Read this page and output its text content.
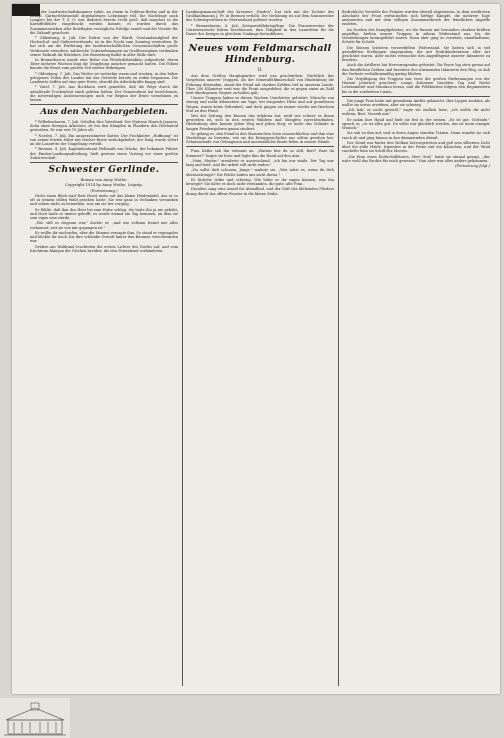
Kelle der Landwirtschaftskammer ruhte, an einem in Dohlens-Bettin und in der Königl. Gärtnerlehranstalt abgehaltenen Lehrgänge teil. Die Nachfrage nach Lungers bei der T. Z. G. war dadurch bereits recht groß, daß manches in die Kartoffelfelder eingebracht werden konnte; es wurden durch das Zusammenwirken aller Beteiligten vorzügliche Erfolge erzielt und die Vorräte für die Zukunft gesichert.

* Oldenburg, 6. Juli. Der Hofrat von der Wardt, Vorstandsmitglied der Hochschul- und Südwestverbands, ist in der Nacht zum Sonntag verstorben. Er hat sich um die Förderung der landwirtschaftlichen Genossenschaften große Verdienste erworben; zahlreiche Unternehmungen im Großherzogtum verdanken seiner Tatkraft ihr Bestehen. Die Beisetzung findet in aller Stille statt.

In Bremerhaven wurde eine Reihe von Pferdediebstählen aufgedeckt, deren Täter mehrere Wochen lang die Umgebung unsicher gemacht hatten. Die Polizei konnte die Beute zum großen Teil wieder beibringen.

* Oldenburg, 7. Juli. Das Wetter ist weiterhin warm und trocken; in den höher gelegenen Teilen des Landes hat das Getreide bereits zu reifen begonnen. Die Landwirte hoffen auf eine gute Ernte, obwohl die Arbeitskräfte knapp sind.

* Varel, 7. Juli. Aus Bockhorn wird gemeldet, daß die Wege durch die anhaltende Trockenheit stark gelitten haben. Der Gemeinderat hat beschlossen, die notwendigen Ausbesserungen noch vor Beginn der Ernte vornehmen zu lassen.

Aus den Nachbargebieten.

* Wilhelmshaven, 7. Juli. Gefallen fürs Vaterland. Der Matrose Hinrich Janssen, Sohn eines hiesigen Arbeiters, ist bei den Kämpfen in Flandern den Heldentod gestorben. Er war erst 19 Jahre alt.

* Norden, 7. Juli. Ein ausgezeichneter Kutter. Der Fischkutter „Hoffnung" ist von seiner letzten Fahrt mit reicher Beute zurückgekehrt; der Fang wurde sofort an die Lazarette der Umgebung verteilt.

* Bremen, 8. Juli. Kapitänleutnant Hellmuth von Mücke, der bekannte Führer der Emden-Landungsabteilung, hielt gestern einen Vortrag vor einer großen Zuhörerschaft.

Schwester Gerlinde.
Roman von Anny Wothe.
Copyright 1914 by Anny Wothe, Leipzig.
(Fortsetzung.)

Nicht einen Blick warf Bert Horst mehr auf das kleine Heidemädel, das er so oft in seinem stillen Wald gesehen hatte. Sie war ganz in Gedanken versunken und schien nicht zu bemerken, was um sie her vorging.

Er fühlte, daß ihm das Herz bis zum Halse schlug. Sie hatte ihn ja nie geliebt, und doch hatte er immer gehofft, es werde einmal ein Tag kommen, an dem sie sein eigen sein würde.

„Wie still es ringsum war," dachte er, „und wie seltsam fremd mir alles vorkommt, seit sie von mir gegangen ist."

Er wollte ihr nachrufen, aber die Stimme versagte ihm. So stand er regungslos und blickte ihr nach, bis ihre schlanke Gestalt hinter den Bäumen verschwunden war.

Drüben am Waldrand leuchteten die ersten Lichter des Dorfes auf, und vom Kirchturm klangen die Glocken herüber, die den Feierabend verkündeten.

Landungsmannschaft des Kreuzers „Emden", hat sich mit der Tochter des Großkaufmanns J. Fr. in Bremen verlobt. Die Verlobung ist auf dem Sommersitze der Schwiegereltern in Oberneuland gefeiert worden.

* Bremerhaven, 8. Juli. Kriegswohlfahrtspflege. Die Frauenvereine der Unterweserorte haben beschlossen, ihre Tätigkeit in den Lazaretten für die Dauer des Krieges in gleichem Umfange fortzuführen.

Neues vom Feldmarschall Hindenburg.
II.

Aus dem Großen Hauptquartier wird uns geschrieben: Nächtlich des Vorgehens unserer Truppen, als der Generalfeldmarschall von Hindenburg die Führung übernahm, stand der Feind mit starken Kräften tief in unserem Lande. Über 200 Kilometer weit war die Front ausgedehnt, die es gegen einen an Zahl weit überlegenen Gegner zu halten galt.

Unsere Truppen haben in diesen Wochen Unerhörtes geleistet. Märsche von vierzig und mehr Kilometern am Tage, bei sengender Hitze und auf grundlosen Wegen, waren keine Seltenheit, und doch gingen sie immer wieder mit frischem Mut an den Feind.

Wer der Zeitung den Russen das erfahren hat, weiß wie schwer es ihnen geworden ist, sich in den weiten Wäldern und Sümpfen zurechtzufinden. Hindenburg aber kannte jeden Weg und jeden Steg; er hatte das Gelände in langen Friedensjahren genau studiert.

So gelang es, den Feind in den Masurischen Seen einzuschließen und ihm eine Niederlage zu bereiten, wie sie die Kriegsgeschichte nur selten gesehen hat. Zehntausende von Gefangenen und unermeßliche Beute fielen in unsere Hände.

Frau Käthe sah ihn erstaunt an. „Warum bist du so still, Bert? Hast du Kummer?" fragte sie leise und legte ihm die Hand auf den Arm.

„Nein, Mutter," erwiderte er ausweichend, „ich bin nur müde. Der Tag war lang und heiß, und die Arbeit will nicht enden."

„Du sollst dich schonen, Junge," mahnte sie. „Was nützt es, wenn du dich überanstrengst? Die Felder laufen uns nicht davon."

Er lächelte trübe und schwieg. Wie hätte er ihr sagen können, was ihn bewegte? Sie hätte es doch nicht verstanden, die gute, alte Frau.

Draußen sang eine Amsel ihr Abendlied, und der Duft des blühenden Flieders drang durch das offene Fenster in die kleine Stube.

Bedrohliche Vorstöße des Feindes wurden überall abgewiesen. In dem westlichen Abschnitt der Front entwickelten sich heftige Kämpfe, die mehrere Tage andauerten und mit dem völligen Zusammenbruch der feindlichen Angriffe endeten.

Im Norden des Kampfgebietes, wo die Russen mit besonders starken Kräften angriffen, hielten unsere Truppen in zähem Widerstand aus, bis die Verstärkungen herangeführt waren. Dann aber ging es vorwärts, unaufhaltsam, Schritt für Schritt.

Die Russen leisteten verzweifelten Widerstand. Sie hatten sich in tief gestaffelten Stellungen eingegraben, die mit Drahthindernissen aller Art geschützt waren. Aber nichts vermochte den Angriffsgeist unserer Infanterie zu brechen.

Auch die Artillerie hat Hervorragendes geleistet. Ihr Feuer lag stets genau auf den feindlichen Gräben und bereitete der stürmenden Infanterie den Weg, so daß die Verluste verhältnismäßig gering blieben.

Die Verpflegung der Truppen war trotz der großen Entfernungen von der Heimat jederzeit gesichert. Lange Kolonnen brachten Tag und Nacht Lebensmittel und Munition heran, und die Feldküchen folgten den Regimentern bis in die vordersten Linien.

Die junge Frau hatte mit gesenktem Antlitz gelauscht. Ihre Lippen zuckten, als wollte sie etwas erwidern, aber sie schwieg.

„Ich hab' es nicht gewußt," sagte sie endlich leise, „ich wollte dir nicht wehtun, Bert. Verzeih mir."

Er nahm ihre Hand und hielt sie fest in der seinen. „Es ist gut, Gerlinde," sprach er, „es ist alles gut. Du sollst nur glücklich werden, das ist mein einziger Wunsch."

Sie sah zu ihm auf, und in ihren Augen standen Tränen. Dann wandte sie sich rasch ab und ging hinaus in den dämmernden Abend.

Der Mond war hinter den Wolken hervorgetreten und goß sein silbernes Licht über die stille Heide. Irgendwo in der Ferne rief ein Käuzchen, und der Wind raschelte leise im Schilf des Moores.

„Die Frau eines Dorfschullehrers, Herr Graf," hatte sie einmal gesagt, „das wäre wohl das Rechte für mich gewesen." Nun aber war alles anders gekommen.

(Fortsetzung folgt.)
